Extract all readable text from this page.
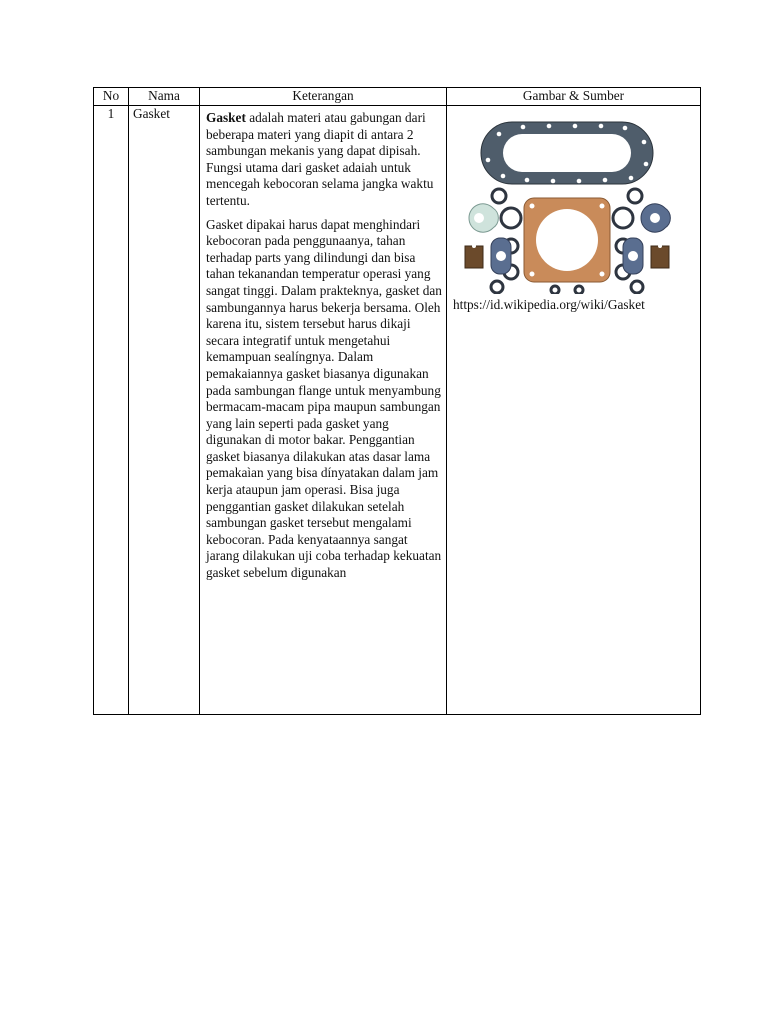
No	Nama	Keterangan	Gambar & Sumber
1	Gasket	Gasket adalah materi atau gabungan dari beberapa materi yang diapit di antara 2 sambungan mekanis yang dapat dipisah. Fungsi utama dari gasket adaiah untuk mencegah kebocoran selama jangka waktu tertentu.

Gasket dipakai harus dapat menghindari kebocoran pada penggunaanya, tahan terhadap parts yang dilindungi dan bisa tahan tekanandan temperatur operasi yang sangat tinggi. Dalam prakteknya, gasket dan sambungannya harus bekerja bersama. Oleh karena itu, sistem tersebut harus dikaji secara integratif untuk mengetahui kemampuan sealíngnya. Dalam pemakaiannya gasket biasanya digunakan pada sambungan flange untuk menyambung bermacam-macam pipa maupun sambungan yang lain seperti pada gasket yang digunakan di motor bakar. Penggantian gasket biasanya dilakukan atas dasar lama pemakaìan yang bisa dínyatakan dalam jam kerja ataupun jam operasi. Bisa juga penggantian gasket dilakukan setelah sambungan gasket tersebut mengalami kebocoran. Pada kenyataannya sangat jarang dilakukan uji coba terhadap kekuatan gasket sebelum digunakan	https://id.wikipedia.org/wiki/Gasket
